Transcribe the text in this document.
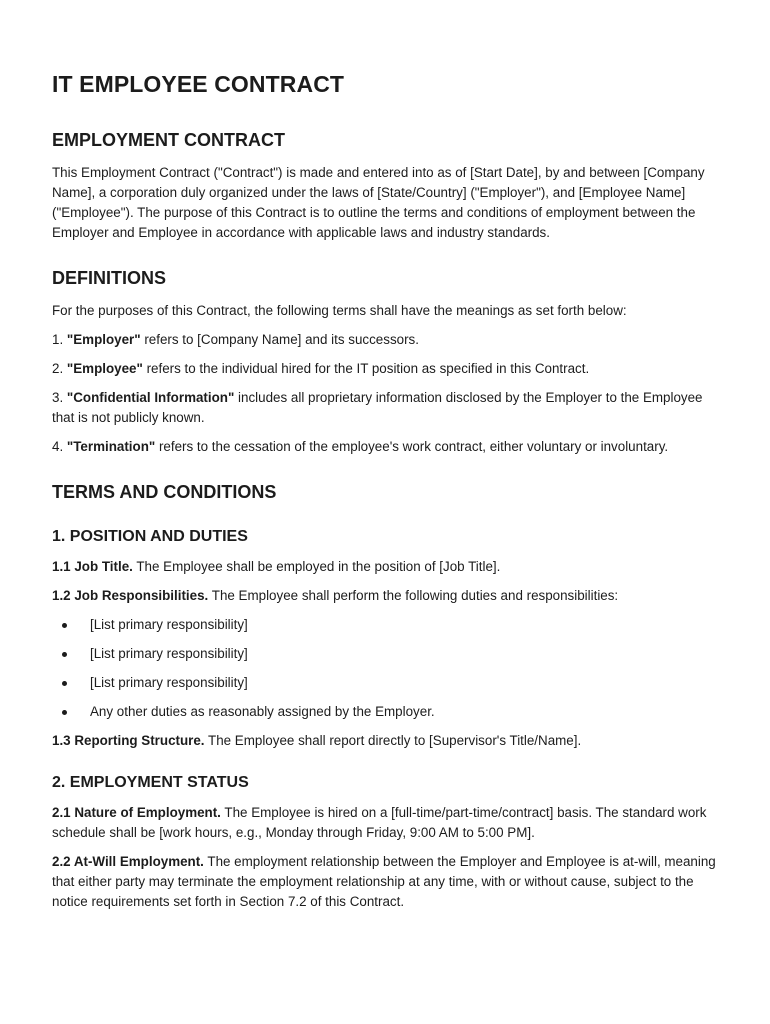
IT EMPLOYEE CONTRACT
EMPLOYMENT CONTRACT

This Employment Contract ("Contract") is made and entered into as of [Start Date], by and between [Company Name], a corporation duly organized under the laws of [State/Country] ("Employer"), and [Employee Name] ("Employee"). The purpose of this Contract is to outline the terms and conditions of employment between the Employer and Employee in accordance with applicable laws and industry standards.

DEFINITIONS

For the purposes of this Contract, the following terms shall have the meanings as set forth below:

1. "Employer" refers to [Company Name] and its successors.

2. "Employee" refers to the individual hired for the IT position as specified in this Contract.

3. "Confidential Information" includes all proprietary information disclosed by the Employer to the Employee that is not publicly known.

4. "Termination" refers to the cessation of the employee's work contract, either voluntary or involuntary.

TERMS AND CONDITIONS
1. POSITION AND DUTIES

1.1 Job Title. The Employee shall be employed in the position of [Job Title].

1.2 Job Responsibilities. The Employee shall perform the following duties and responsibilities:

[List primary responsibility]
[List primary responsibility]
[List primary responsibility]
Any other duties as reasonably assigned by the Employer.

1.3 Reporting Structure. The Employee shall report directly to [Supervisor's Title/Name].

2. EMPLOYMENT STATUS

2.1 Nature of Employment. The Employee is hired on a [full-time/part-time/contract] basis. The standard work schedule shall be [work hours, e.g., Monday through Friday, 9:00 AM to 5:00 PM].

2.2 At-Will Employment. The employment relationship between the Employer and Employee is at-will, meaning that either party may terminate the employment relationship at any time, with or without cause, subject to the notice requirements set forth in Section 7.2 of this Contract.
